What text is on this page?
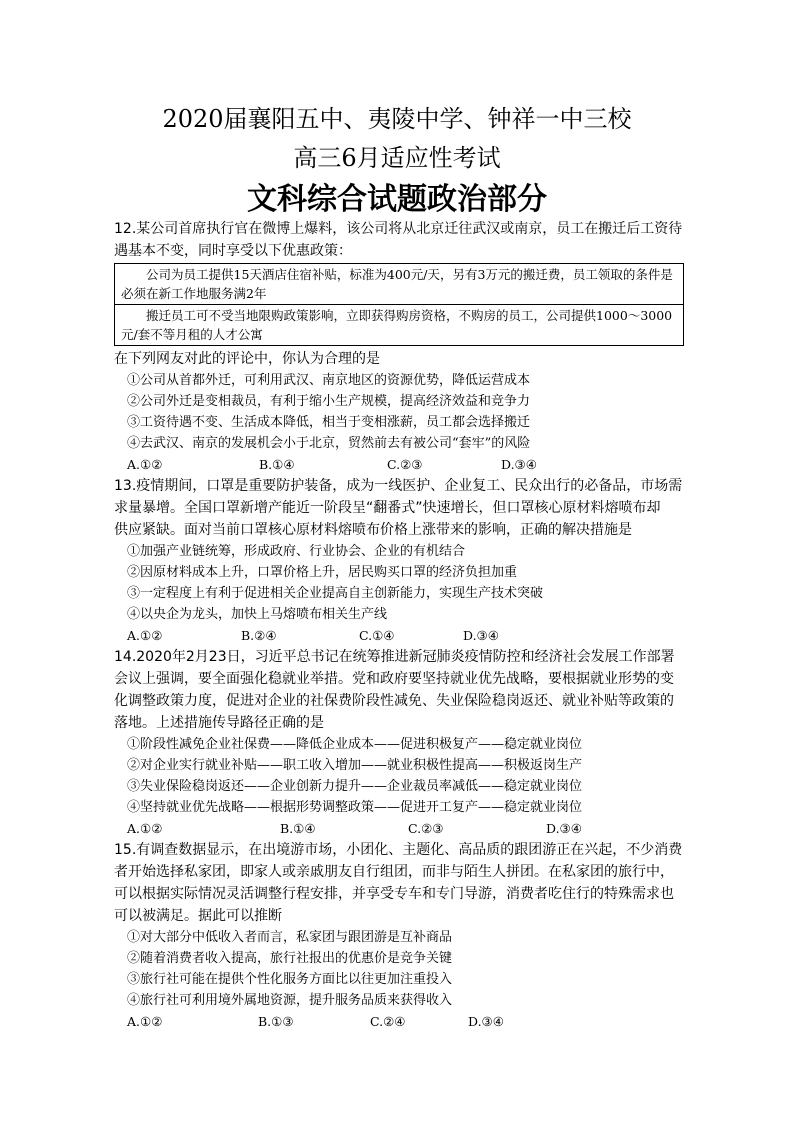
2020届襄阳五中、夷陵中学、钟祥一中三校
高三6月适应性考试
文科综合试题政治部分

12.某公司首席执行官在微博上爆料，该公司将从北京迁往武汉或南京，员工在搬迁后工资待

遇基本不变，同时享受以下优惠政策：

公司为员工提供15天酒店住宿补贴，标准为400元/天，另有3万元的搬迁费，员工领取的条件是必须在新工作地服务满2年
搬迁员工可不受当地限购政策影响，立即获得购房资格，不购房的员工，公司提供1000～3000元/套不等月租的人才公寓

在下列网友对此的评论中，你认为合理的是

①公司从首都外迁，可利用武汉、南京地区的资源优势，降低运营成本

②公司外迁是变相裁员，有利于缩小生产规模，提高经济效益和竞争力

③工资待遇不变、生活成本降低，相当于变相涨薪，员工都会选择搬迁

④去武汉、南京的发展机会小于北京，贸然前去有被公司“套牢”的风险

A.①②	B.①④	C.②③	D.③④

13.疫情期间，口罩是重要防护装备，成为一线医护、企业复工、民众出行的必备品，市场需

求量暴增。全国口罩新增产能近一阶段呈“翻番式”快速增长，但口罩核心原材料熔喷布却

供应紧缺。面对当前口罩核心原材料熔喷布价格上涨带来的影响，正确的解决措施是

①加强产业链统筹，形成政府、行业协会、企业的有机结合

②因原材料成本上升，口罩价格上升，居民购买口罩的经济负担加重

③一定程度上有利于促进相关企业提高自主创新能力，实现生产技术突破

④以央企为龙头，加快上马熔喷布相关生产线

A.①②	B.②④	C.①④	D.③④

14.2020年2月23日，习近平总书记在统筹推进新冠肺炎疫情防控和经济社会发展工作部署

会议上强调，要全面强化稳就业举措。党和政府要坚持就业优先战略，要根据就业形势的变

化调整政策力度，促进对企业的社保费阶段性减免、失业保险稳岗返还、就业补贴等政策的

落地。上述措施传导路径正确的是

①阶段性减免企业社保费——降低企业成本——促进积极复产——稳定就业岗位

②对企业实行就业补贴——职工收入增加——就业积极性提高——积极返岗生产

③失业保险稳岗返还——企业创新力提升——企业裁员率减低——稳定就业岗位

④坚持就业优先战略——根据形势调整政策——促进开工复产——稳定就业岗位

A.①②	B.①④	C.②③	D.③④

15.有调查数据显示，在出境游市场，小团化、主题化、高品质的跟团游正在兴起，不少消费

者开始选择私家团，即家人或亲戚朋友自行组团，而非与陌生人拼团。在私家团的旅行中，

可以根据实际情况灵活调整行程安排，并享受专车和专门导游，消费者吃住行的特殊需求也

可以被满足。据此可以推断

①对大部分中低收入者而言，私家团与跟团游是互补商品

②随着消费者收入提高，旅行社报出的优惠价是竞争关键

③旅行社可能在提供个性化服务方面比以往更加注重投入

④旅行社可利用境外属地资源，提升服务品质来获得收入

A.①②	B.①③	C.②④	D.③④
